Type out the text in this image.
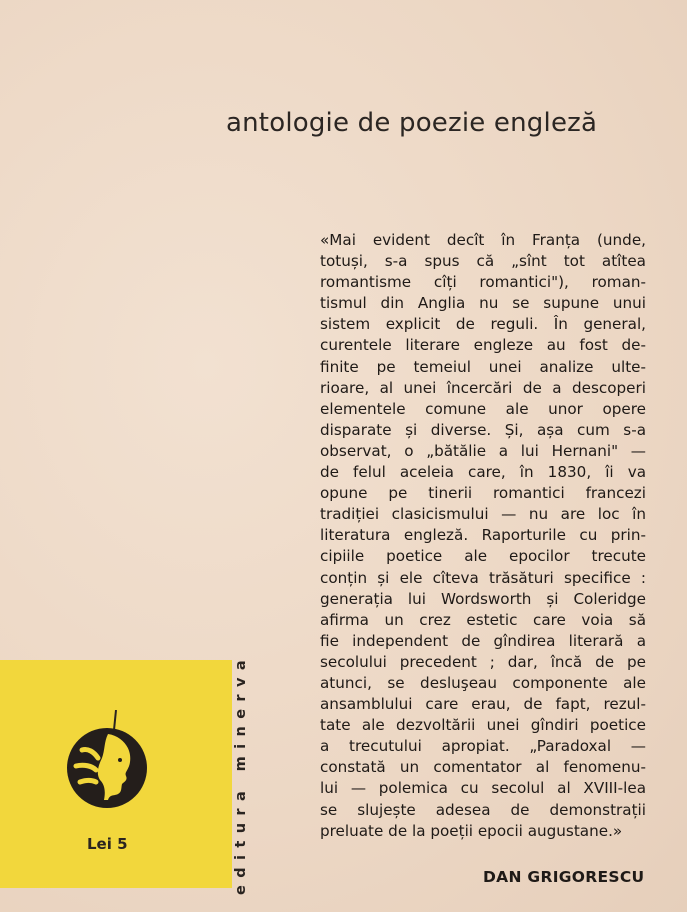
antologie de poezie engleză
«Mai evident decît în Franța (unde,
totuși, s-a spus că „sînt tot atîtea
romantisme cîți romantici"), roman-
tismul din Anglia nu se supune unui
sistem explicit de reguli. În general,
curentele literare engleze au fost de-
finite pe temeiul unei analize ulte-
rioare, al unei încercări de a descoperi
elementele comune ale unor opere
disparate și diverse. Și, așa cum s-a
observat, o „bătălie a lui Hernani" —
de felul aceleia care, în 1830, îi va
opune pe tinerii romantici francezi
tradiției clasicismului — nu are loc în
literatura engleză. Raporturile cu prin-
cipiile poetice ale epocilor trecute
conțin și ele cîteva trăsături specifice :
generația lui Wordsworth și Coleridge
afirma un crez estetic care voia să
fie independent de gîndirea literară a
secolului precedent ; dar, încă de pe
atunci, se desluşeau componente ale
ansamblului care erau, de fapt, rezul-
tate ale dezvoltării unei gîndiri poetice
a trecutului apropiat. „Paradoxal —
constată un comentator al fenomenu-
lui — polemica cu secolul al XVIII-lea
se slujește adesea de demonstrații
preluate de la poeții epocii augustane.»
DAN GRIGORESCU
Lei 5	editura minerva
